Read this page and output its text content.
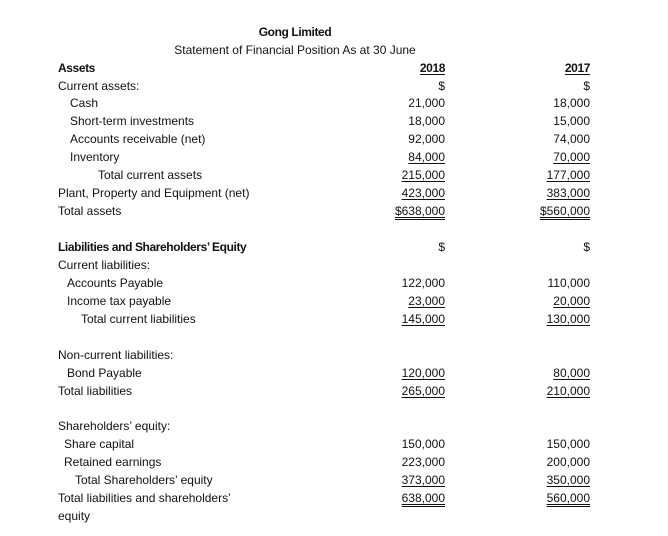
Gong Limited
Statement of Financial Position As at 30 June
Assets	2018	2017
Current assets:	$	$
Cash	21,000	18,000
Short-term investments	18,000	15,000
Accounts receivable (net)	92,000	74,000
Inventory	84,000	70,000
Total current assets	215,000	177,000
Plant, Property and Equipment (net)	423,000	383,000
Total assets	$638,000	$560,000
Liabilities and Shareholders’ Equity	$	$
Current liabilities:
Accounts Payable	122,000	110,000
Income tax payable	23,000	20,000
Total current liabilities	145,000	130,000
Non-current liabilities:
Bond Payable	120,000	80,000
Total liabilities	265,000	210,000
Shareholders’ equity:
Share capital	150,000	150,000
Retained earnings	223,000	200,000
Total Shareholders’ equity	373,000	350,000
Total liabilities and shareholders’	638,000	560,000
equity
